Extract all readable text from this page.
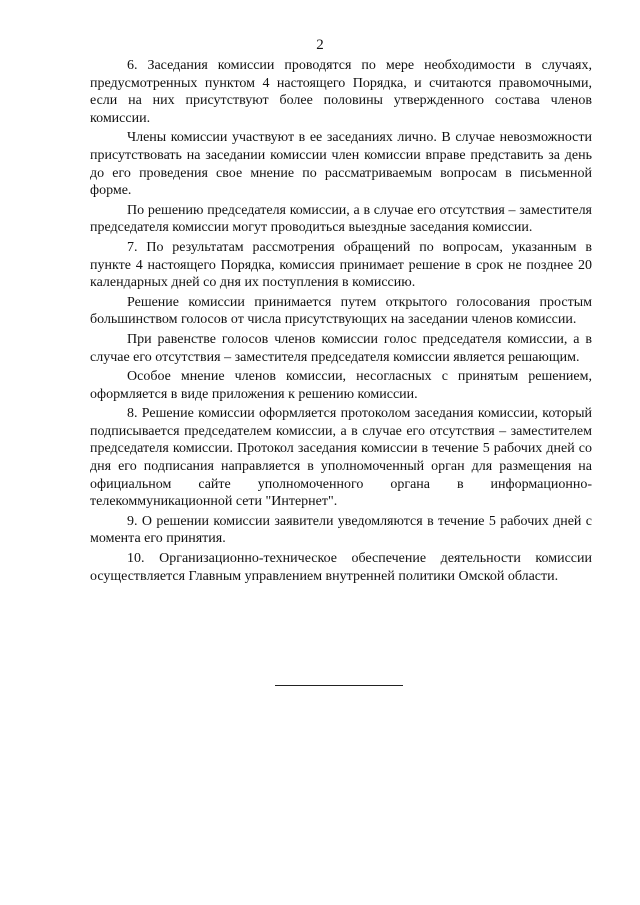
2

6. Заседания комиссии проводятся по мере необходимости в случаях, предусмотренных пунктом 4 настоящего Порядка, и считаются правомочными, если на них присутствуют более половины утвержденного состава членов комиссии.

Члены комиссии участвуют в ее заседаниях лично. В случае невозможности присутствовать на заседании комиссии член комиссии вправе представить за день до его проведения свое мнение по рассматриваемым вопросам в письменной форме.

По решению председателя комиссии, а в случае его отсутствия – заместителя председателя комиссии могут проводиться выездные заседания комиссии.

7. По результатам рассмотрения обращений по вопросам, указанным в пункте 4 настоящего Порядка, комиссия принимает решение в срок не позднее 20 календарных дней со дня их поступления в комиссию.

Решение комиссии принимается путем открытого голосования простым большинством голосов от числа присутствующих на заседании членов комиссии.

При равенстве голосов членов комиссии голос председателя комиссии, а в случае его отсутствия – заместителя председателя комиссии является решающим.

Особое мнение членов комиссии, несогласных с принятым решением, оформляется в виде приложения к решению комиссии.

8. Решение комиссии оформляется протоколом заседания комиссии, который подписывается председателем комиссии, а в случае его отсутствия – заместителем председателя комиссии. Протокол заседания комиссии в течение 5 рабочих дней со дня его подписания направляется в уполномоченный орган для размещения на официальном сайте уполномоченного органа в информационно-телекоммуникационной сети "Интернет".

9. О решении комиссии заявители уведомляются в течение 5 рабочих дней с момента его принятия.

10. Организационно-техническое обеспечение деятельности комиссии осуществляется Главным управлением внутренней политики Омской области.
